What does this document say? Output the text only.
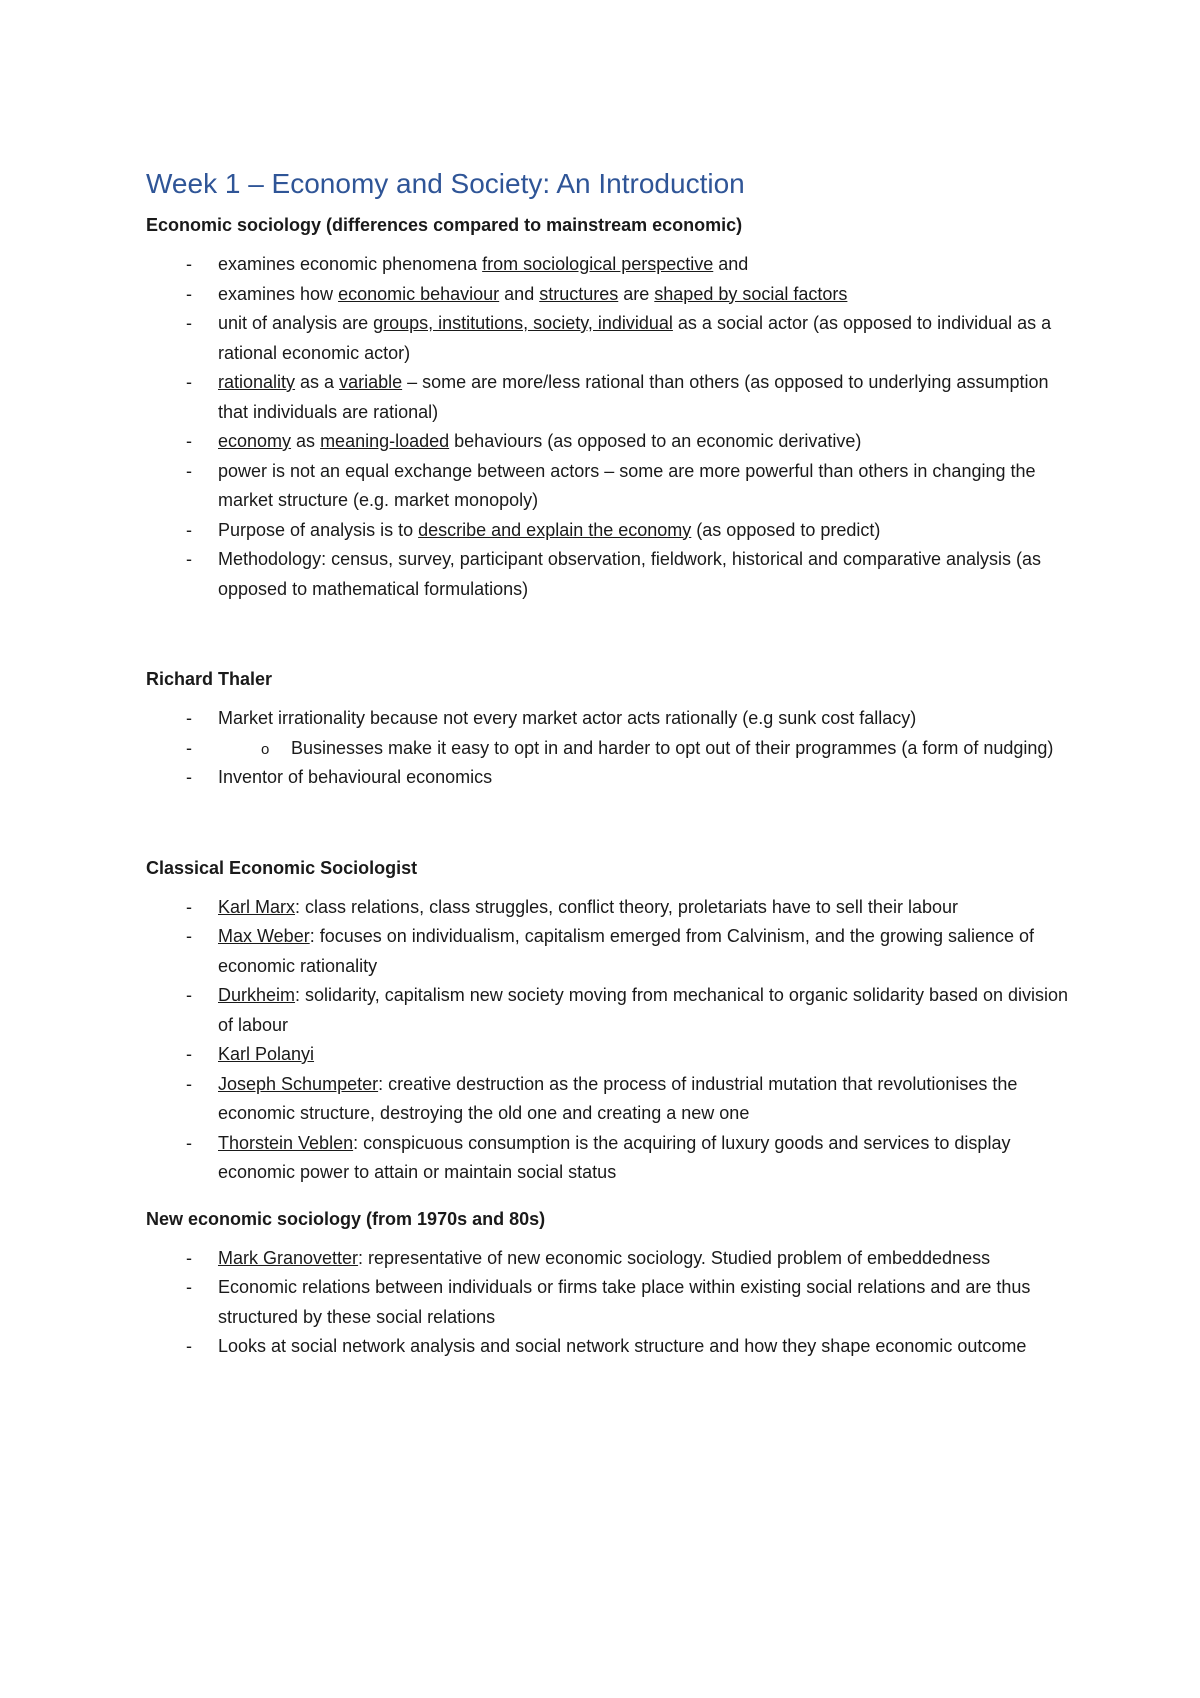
Week 1 – Economy and Society: An Introduction

Economic sociology (differences compared to mainstream economic)

- examines economic phenomena from sociological perspective and
- examines how economic behaviour and structures are shaped by social factors
- unit of analysis are groups, institutions, society, individual as a social actor (as opposed to individual as a rational economic actor)
- rationality as a variable – some are more/less rational than others (as opposed to underlying assumption that individuals are rational)
- economy as meaning-loaded behaviours (as opposed to an economic derivative)
- power is not an equal exchange between actors – some are more powerful than others in changing the market structure (e.g. market monopoly)
- Purpose of analysis is to describe and explain the economy (as opposed to predict)
- Methodology: census, survey, participant observation, fieldwork, historical and comparative analysis (as opposed to mathematical formulations)

Richard Thaler

- Market irrationality because not every market actor acts rationally (e.g sunk cost fallacy)
o - Businesses make it easy to opt in and harder to opt out of their programmes (a form of nudging)
- Inventor of behavioural economics

Classical Economic Sociologist

- Karl Marx: class relations, class struggles, conflict theory, proletariats have to sell their labour
- Max Weber: focuses on individualism, capitalism emerged from Calvinism, and the growing salience of economic rationality
- Durkheim: solidarity, capitalism new society moving from mechanical to organic solidarity based on division of labour
- Karl Polanyi
- Joseph Schumpeter: creative destruction as the process of industrial mutation that revolutionises the economic structure, destroying the old one and creating a new one
- Thorstein Veblen: conspicuous consumption is the acquiring of luxury goods and services to display economic power to attain or maintain social status

New economic sociology (from 1970s and 80s)

- Mark Granovetter: representative of new economic sociology. Studied problem of embeddedness
- Economic relations between individuals or firms take place within existing social relations and are thus structured by these social relations
- Looks at social network analysis and social network structure and how they shape economic outcome
